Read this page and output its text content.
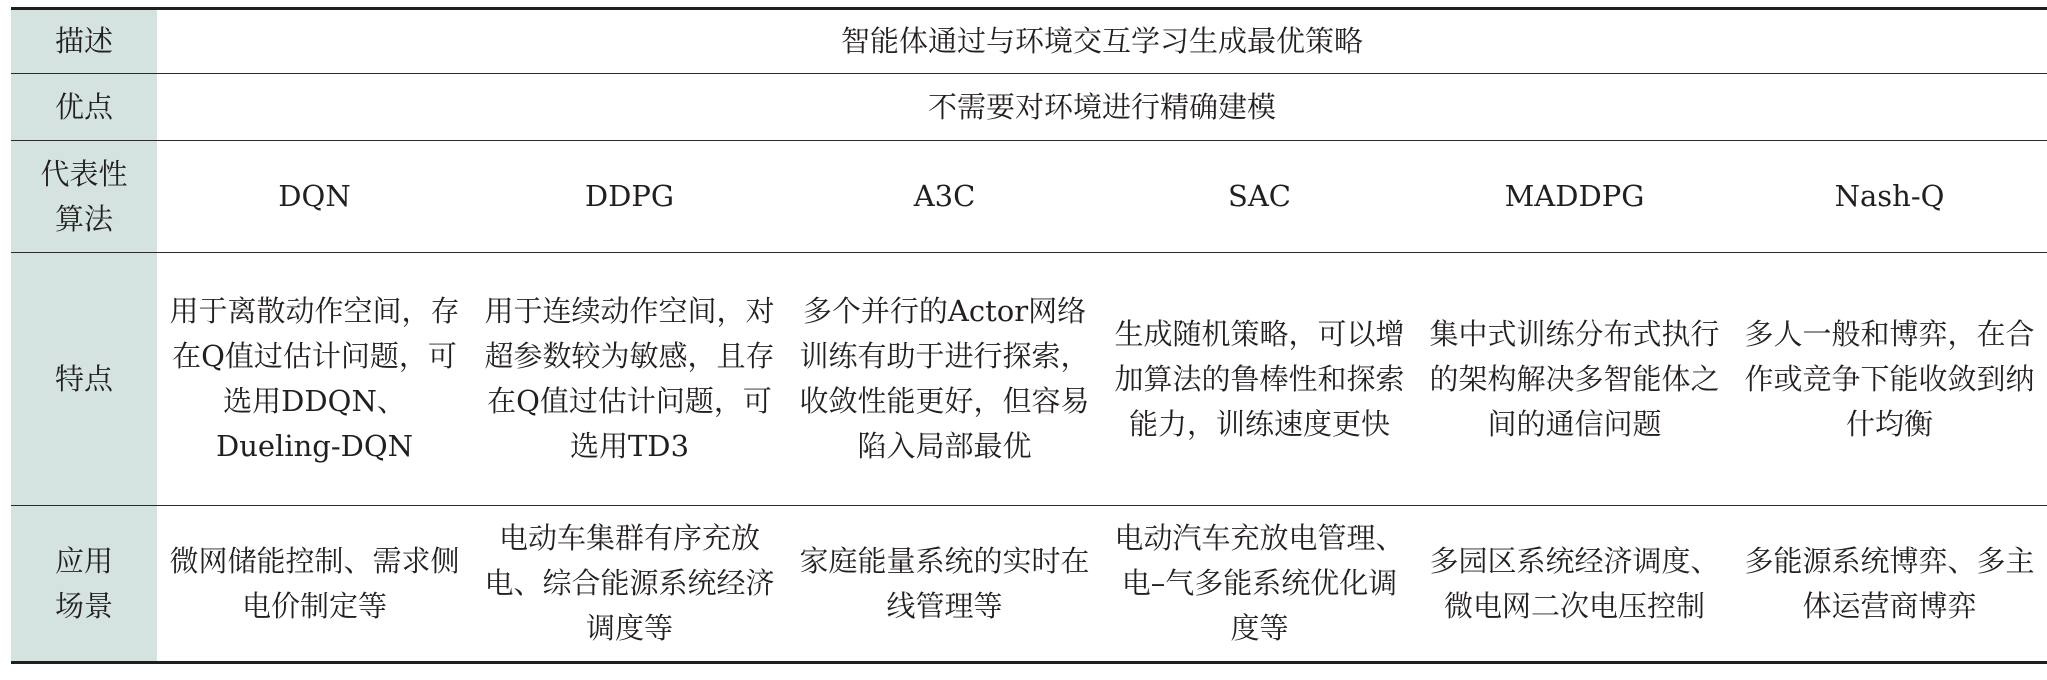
描述	智能体通过与环境交互学习生成最优策略					
优点	不需要对环境进行精确建模					
代表性
算法	DQN	DDPG	A3C	SAC	MADDPG	Nash-Q
特点	用于离散动作空间，存在Q值过估计问题，可选用DDQN、Dueling-DQN	用于连续动作空间，对超参数较为敏感，且存在Q值过估计问题，可选用TD3	多个并行的Actor网络训练有助于进行探索，收敛性能更好，但容易陷入局部最优	生成随机策略，可以增加算法的鲁棒性和探索能力，训练速度更快	集中式训练分布式执行的架构解决多智能体之间的通信问题	多人一般和博弈，在合作或竞争下能收敛到纳什均衡
应用
场景	微网储能控制、需求侧电价制定等	电动车集群有序充放电、综合能源系统经济调度等	家庭能量系统的实时在线管理等	电动汽车充放电管理、电–气多能系统优化调度等	多园区系统经济调度、微电网二次电压控制	多能源系统博弈、多主体运营商博弈
